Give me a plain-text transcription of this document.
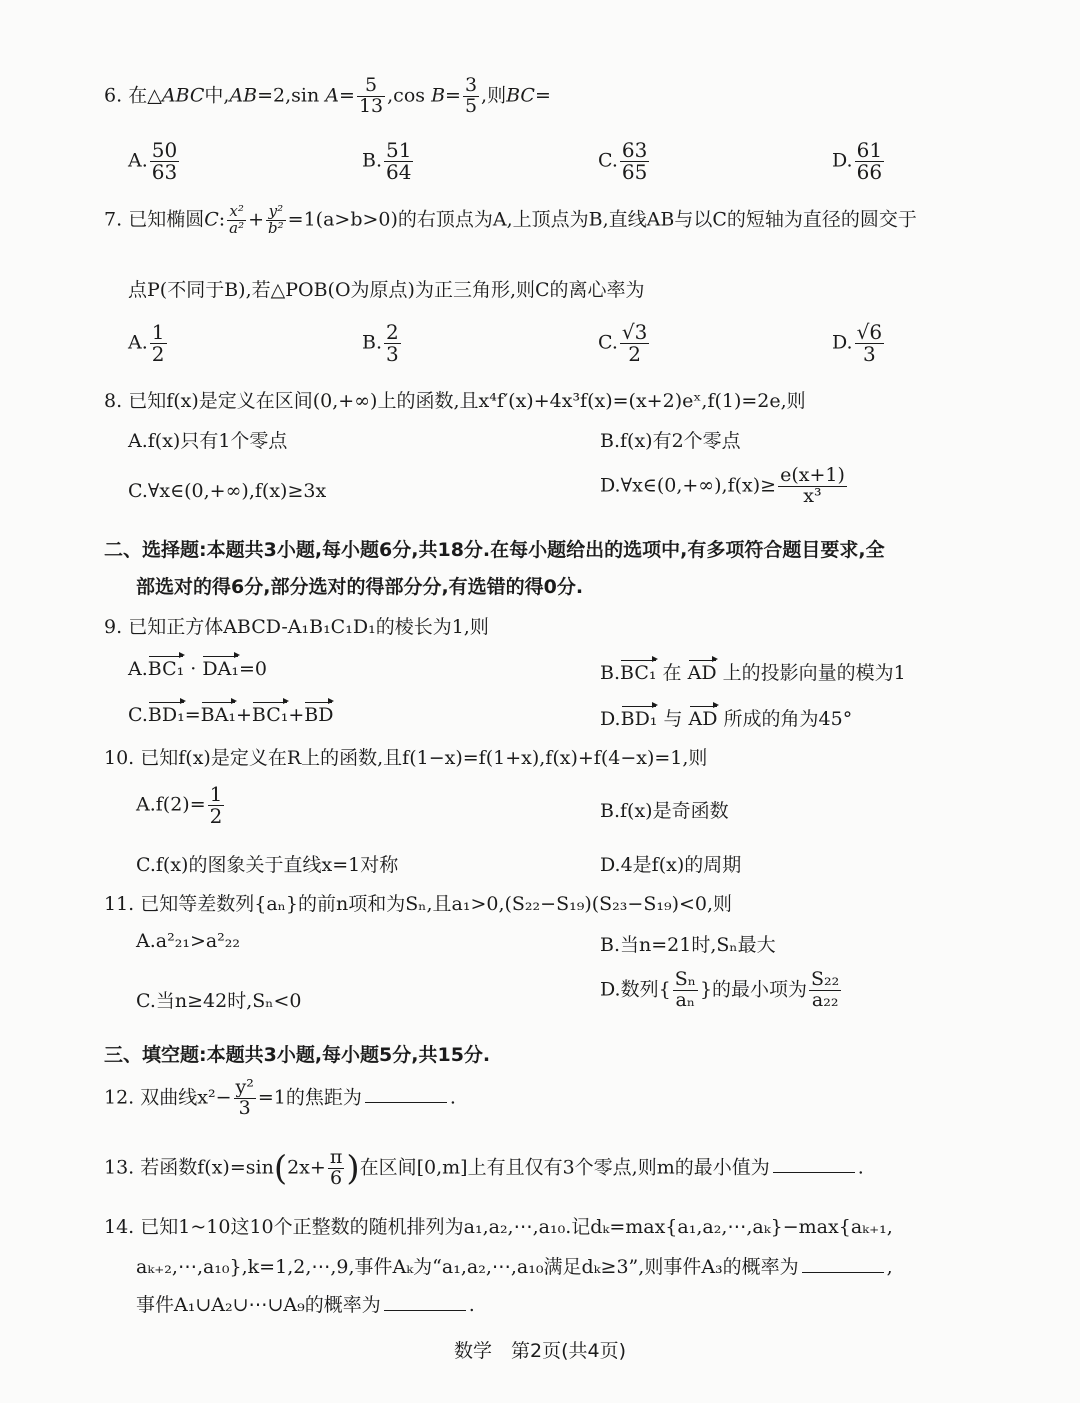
6. 在△ABC中,AB=2,sin $A= \frac{5}{13} ,\cos$ $B= \frac{3}{5}$ ,则BC=
A. $\frac{50}{63}$	B. $\frac{51}{64}$	C. $\frac{63}{65}$	D. $\frac{61}{66}$
7. 已知椭圆C: $\frac{\text{x²}}{\text{a²}} + \frac{\text{y²}}{\text{b²}} =1(a>b>0)$的右顶点为A,上顶点为B,直线AB与以C的短轴为直径的圆交于
点P(不同于B),若△POB(O为原点)为正三角形,则C的离心率为
A. $\frac{1}{2}$	B. $\frac{2}{3}$	C. $\frac{√3}{2}$	D. $\frac{√6}{3}$
8. 已知f(x)是定义在区间(0,+∞)上的函数,且x⁴f′(x)+4x³f(x)=(x+2)eˣ,f(1)=2e,则
A.f(x)只有1个零点	B.f(x)有2个零点
C.∀x∈(0,+∞),f(x)≥3x	D.∀x∈(0,+∞),f(x)≥ $\frac{e(x+1)}{\text{x³}}$
二、选择题:本题共3小题,每小题6分,共18分.在每小题给出的选项中,有多项符合题目要求,全
部选对的得6分,部分选对的得部分分,有选错的得0分.
9. 已知正方体ABCD-A₁B₁C₁D₁的棱长为1,则
A.BC₁ · DA₁=0	B.BC₁ 在 AD 上的投影向量的模为1
C.BD₁=BA₁+BC₁+BD	D.BD₁ 与 AD 所成的角为45°
10. 已知f(x)是定义在R上的函数,且f(1−x)=f(1+x),f(x)+f(4−x)=1,则
$A.f(2)= \frac{1}{2}$	B.f(x)是奇函数
C.f(x)的图象关于直线x=1对称	D.4是f(x)的周期
11. 已知等差数列{aₙ}的前n项和为Sₙ,且a₁>0,(S₂₂−S₁₉)(S₂₃−S₁₉)<0,则
A.a²₂₁>a²₂₂	B.当n=21时,Sₙ最大
C.当n≥42时,Sₙ<0
D.数列{ $\frac{\text{Sₙ}}{\text{aₙ}}$ }的最小项为 $\frac{\text{S₂₂}}{\text{a₂₂}}$
三、填空题:本题共3小题,每小题5分,共15分.
12. 双曲线$x^2- \frac{\text{y²}}{3} =1$的焦距为	.
13. 若函数$f(x)=\sin(2x+ \frac{\pi}{6}$ )在区间[0,m]上有且仅有3个零点,则m的最小值为	.
14. 已知1~10这10个正整数的随机排列为a₁,a₂,⋯,a₁₀.记dₖ=max{a₁,a₂,⋯,aₖ}−max{aₖ₊₁,
aₖ₊₂,⋯,a₁₀},k=1,2,⋯,9,事件Aₖ为“a₁,a₂,⋯,a₁₀满足dₖ≥3”,则事件A₃的概率为	,
事件A₁∪A₂∪⋯∪A₉的概率为	.
数学　第2页(共4页)
